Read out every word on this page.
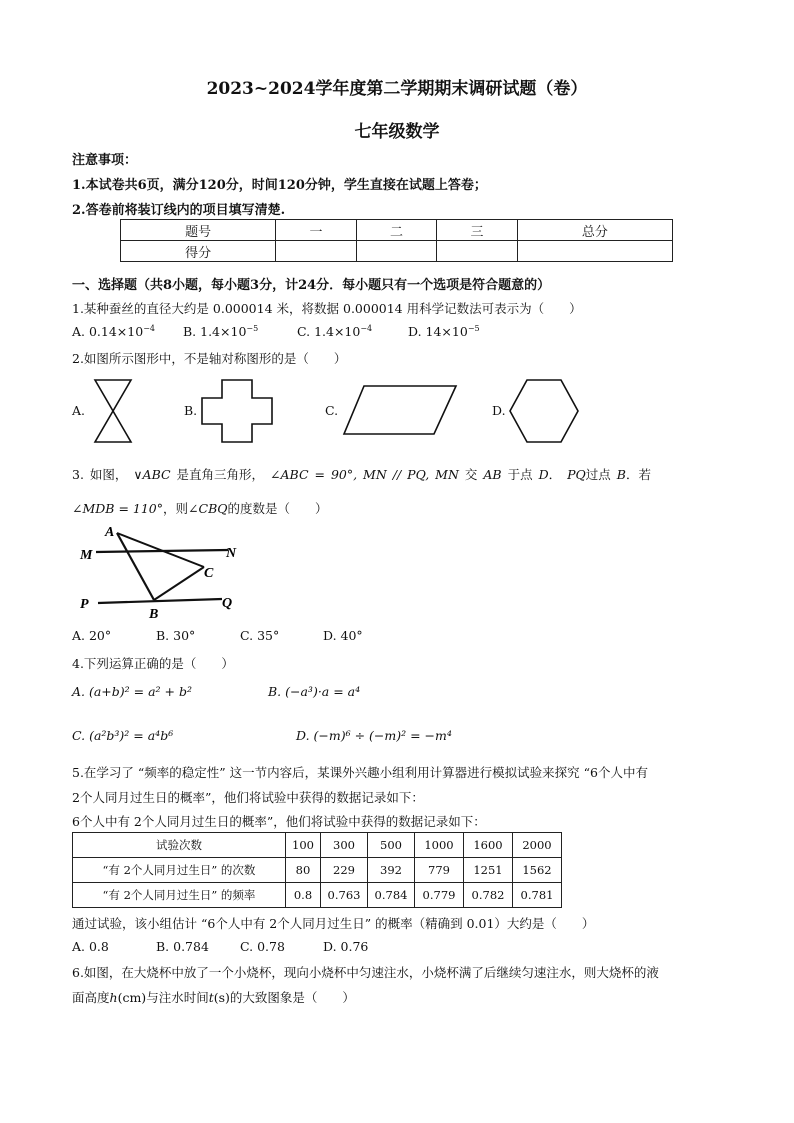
2023~2024学年度第二学期期末调研试题（卷）
七年级数学
注意事项：
1.本试卷共6页，满分120分，时间120分钟，学生直接在试题上答卷；
2.答卷前将装订线内的项目填写清楚.
题号	一	二	三	总分
得分				
一、选择题（共8小题，每小题3分，计24分．每小题只有一个选项是符合题意的）
1.某种蚕丝的直径大约是 0.000014 米，将数据 0.000014 用科学记数法可表示为（　　）
A. $0.14\times 10^{-4}$ B. $1.4\times 10^{-5}$	C. $1.4\times 10^{-4}$	D. $14\times 10^{-5}$
2.如图所示图形中，不是轴对称图形的是（　　）
A.	B.	C.	D.
3. 如图， ∨ABC 是直角三角形， ∠ABC = 90°, MN // PQ, MN 交 AB 于点 D． PQ过点 B．若
∠MDB = 110°，则∠CBQ的度数是（　　）
A
M	N
C
P
B
Q
A. 20°	B. 30°	C. 35°	D. 40°
4.下列运算正确的是（　　）
A. (a+b)² = a² + b²	B. (−a³)·a = a⁴
C. (a²b³)² = a⁴b⁶	D. (−m)⁶ ÷ (−m)² = −m⁴
5.在学习了 “频率的稳定性” 这一节内容后，某课外兴趣小组利用计算器进行模拟试验来探究 “6个人中有
2个人同月过生日的概率”，他们将试验中获得的数据记录如下：
6个人中有 2个人同月过生日的概率”，他们将试验中获得的数据记录如下：
试验次数	100	300	500	1000	1600	2000
“有 2个人同月过生日” 的次数	80	229	392	779	1251	1562
“有 2个人同月过生日” 的频率	0.8	0.763	0.784	0.779	0.782	0.781
通过试验，该小组估计 “6个人中有 2个人同月过生日” 的概率（精确到 0.01）大约是（　　）
A. 0.8	B. 0.784 C. 0.78	D. 0.76
6.如图，在大烧杯中放了一个小烧杯，现向小烧杯中匀速注水，小烧杯满了后继续匀速注水，则大烧杯的液
面高度h(cm)与注水时间t(s)的大致图象是（　　）
